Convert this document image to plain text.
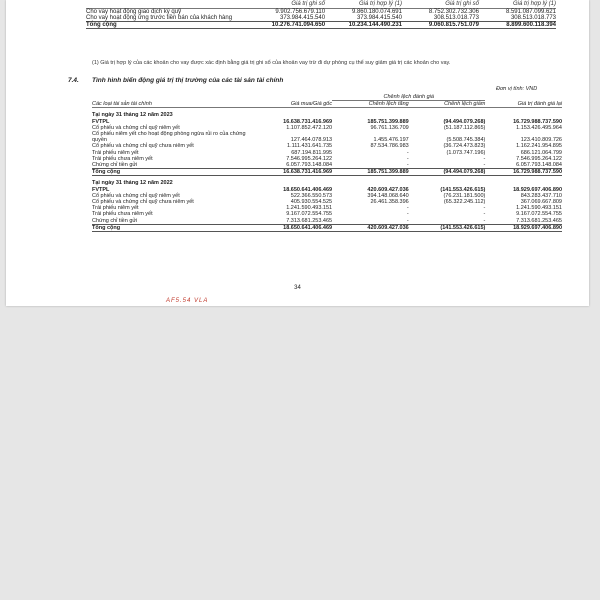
	Giá trị ghi sổ	Giá trị hợp lý (1)	Giá trị ghi sổ	Giá trị hợp lý (1)
Cho vay hoạt động giao dịch ký quỹ	9.902.756.679.110	9.860.180.074.691	8.752.302.732.306	8.591.087.099.621
Cho vay hoạt động ứng trước tiền bán của khách hàng	373.984.415.540	373.984.415.540	308.513.018.773	308.513.018.773
Tổng cộng	10.276.741.094.650	10.234.144.490.231	9.060.815.751.079	8.899.600.118.394
(1) Giá trị hợp lý của các khoản cho vay được xác định bằng giá trị ghi sổ của khoản vay trừ đi dự phòng cụ thể suy giảm giá trị các khoản cho vay.
7.4. Tình hình biến động giá trị thị trường của các tài sản tài chính
Đơn vị tính: VND
		Chênh lệch đánh giá		
Các loại tài sản tài chính	Giá mua/Giá gốc	Chênh lệch tăng	Chênh lệch giảm	Giá trị đánh giá lại
Tại ngày 31 tháng 12 năm 2023				
FVTPL	16.638.731.416.969	185.751.399.889	(94.494.079.268)	16.729.988.737.590
Cổ phiếu và chứng chỉ quỹ niêm yết	1.107.852.472.120	96.761.136.709	(51.187.112.865)	1.153.426.495.964
Cổ phiếu niêm yết cho hoạt động phòng ngừa rủi ro của chứng quyền	127.464.078.913	1.455.476.197	(5.508.745.384)	123.410.809.726
Cổ phiếu và chứng chỉ quỹ chưa niêm yết	1.111.431.641.735	87.534.786.983	(36.724.473.823)	1.162.241.954.895
Trái phiếu niêm yết	687.194.811.995	-	(1.073.747.196)	686.121.064.799
Trái phiếu chưa niêm yết	7.546.995.264.122	-	-	7.546.995.264.122
Chứng chỉ tiền gửi	6.057.793.148.084	-	-	6.057.793.148.084
Tổng cộng	16.638.731.416.969	185.751.399.889	(94.494.079.268)	16.729.988.737.590
Tại ngày 31 tháng 12 năm 2022				
FVTPL	18.650.641.406.469	420.609.427.036	(141.553.426.615)	18.929.697.406.890
Cổ phiếu và chứng chỉ quỹ niêm yết	522.366.550.573	394.148.068.640	(76.231.181.500)	843.283.437.710
Cổ phiếu và chứng chỉ quỹ chưa niêm yết	405.930.554.525	26.461.358.396	(65.322.245.112)	367.069.667.809
Trái phiếu niêm yết	1.241.590.493.151	-	-	1.241.590.493.151
Trái phiếu chưa niêm yết	9.167.072.554.755	-	-	9.167.072.554.755
Chứng chỉ tiền gửi	7.313.681.253.465	-	-	7.313.681.253.465
Tổng cộng	18.650.641.406.469	420.609.427.036	(141.553.426.615)	18.929.697.406.890
34
AF5.54 VLA
